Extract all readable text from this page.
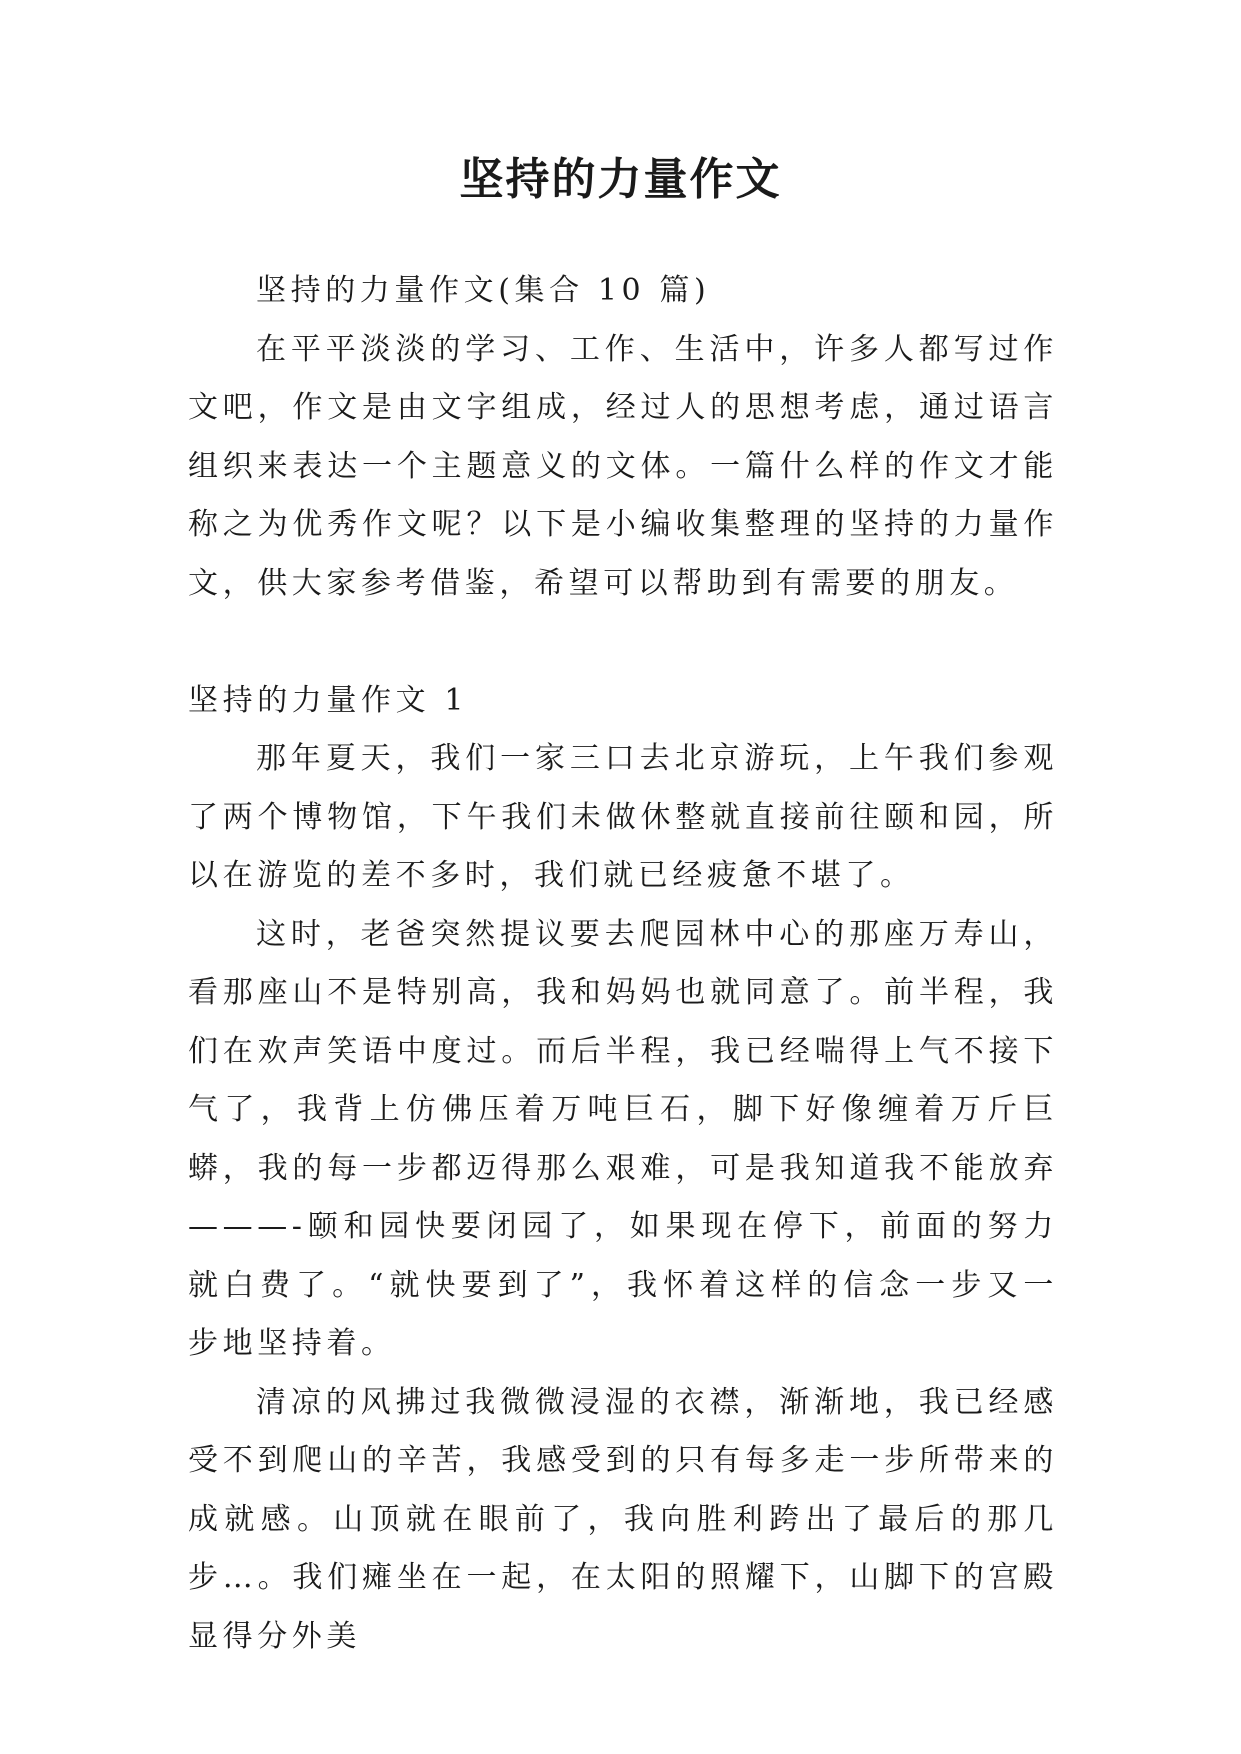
坚持的力量作文

坚持的力量作文(集合 10 篇)

在平平淡淡的学习、工作、生活中，许多人都写过作文吧，作文是由文字组成，经过人的思想考虑，通过语言组织来表达一个主题意义的文体。一篇什么样的作文才能称之为优秀作文呢？以下是小编收集整理的坚持的力量作文，供大家参考借鉴，希望可以帮助到有需要的朋友。

坚持的力量作文 1

那年夏天，我们一家三口去北京游玩，上午我们参观了两个博物馆，下午我们未做休整就直接前往颐和园，所以在游览的差不多时，我们就已经疲惫不堪了。

这时，老爸突然提议要去爬园林中心的那座万寿山，看那座山不是特别高，我和妈妈也就同意了。前半程，我们在欢声笑语中度过。而后半程，我已经喘得上气不接下气了，我背上仿佛压着万吨巨石，脚下好像缠着万斤巨蟒，我的每一步都迈得那么艰难，可是我知道我不能放弃———-颐和园快要闭园了，如果现在停下，前面的努力就白费了。“就快要到了”，我怀着这样的信念一步又一步地坚持着。

清凉的风拂过我微微浸湿的衣襟，渐渐地，我已经感受不到爬山的辛苦，我感受到的只有每多走一步所带来的成就感。山顶就在眼前了，我向胜利跨出了最后的那几步…。我们瘫坐在一起，在太阳的照耀下，山脚下的宫殿显得分外美
